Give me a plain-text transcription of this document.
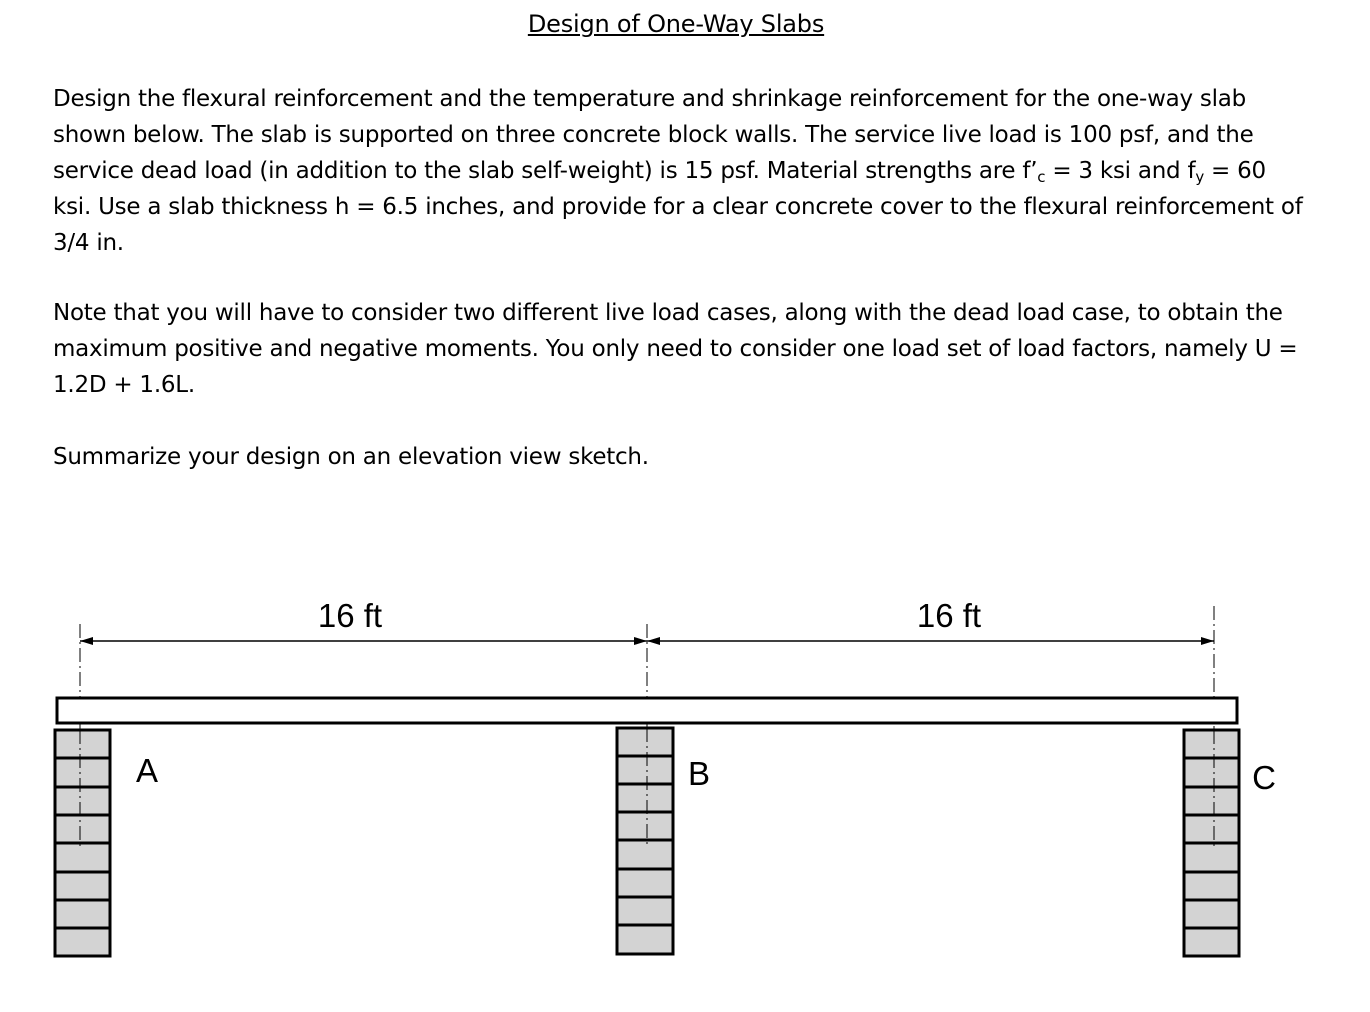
Design of One-Way Slabs
Design the flexural reinforcement and the temperature and shrinkage reinforcement for the one-way slab shown below. The slab is supported on three concrete block walls. The service live load is 100 psf, and the service dead load (in addition to the slab self-weight) is 15 psf. Material strengths are $f’_c = 3$ ksi and $f_y = 60$ ksi. Use a slab thickness h = 6.5 inches, and provide for a clear concrete cover to the flexural reinforcement of 3/4 in.
Note that you will have to consider two different live load cases, along with the dead load case, to obtain the maximum positive and negative moments. You only need to consider one load set of load factors, namely U = 1.2D + 1.6L.
Summarize your design on an elevation view sketch.
16 ft	16 ft
A	B	C
